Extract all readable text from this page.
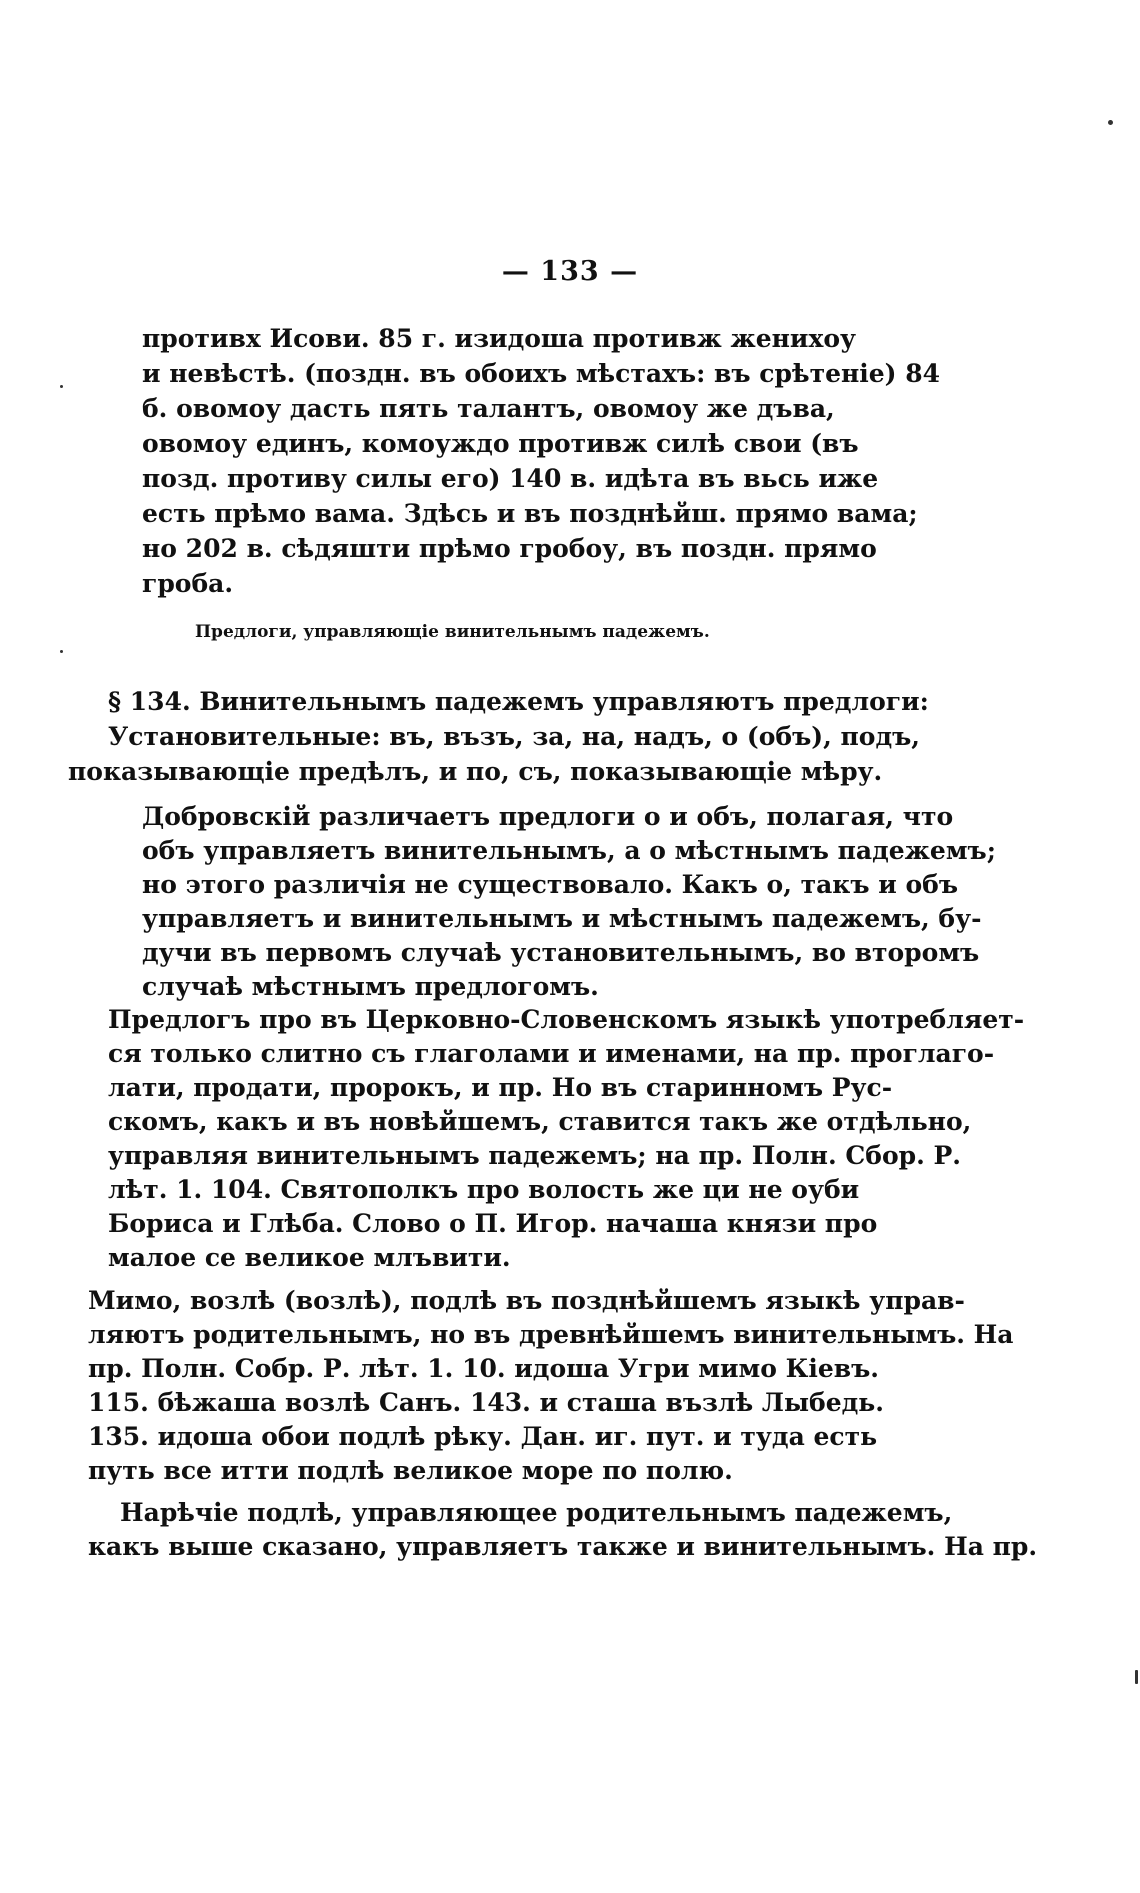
— 133 —
противх Исови. 85 г. изидоша противж жениxоу
и невѣстѣ. (поздн. въ обоихъ мѣстахъ: въ срѣтеніе) 84
б. овомоу дасть пять талантъ, овомоу же дъва,
овомоу единъ, комоуждо противж силѣ свои (въ
позд. противу силы его) 140 в. идѣта въ вьсь иже
есть прѣмо вама. Здѣсь и въ позднѣйш. прямо вама;
но 202 в. сѣдяшти прѣмо гробоу, въ поздн. прямо
гроба.
Предлоги, управляющіе винительнымъ падежемъ.
§ 134. Винительнымъ падежемъ управляютъ предлоги:
Установительные: въ, възъ, за, на, надъ, о (объ), подъ,
показывающіе предѣлъ, и по, съ, показывающіе мѣру.
Добровскій различаетъ предлоги о и объ, полагая, что
объ управляетъ винительнымъ, а о мѣстнымъ падежемъ;
но этого различія не существовало. Какъ о, такъ и объ
управляетъ и винительнымъ и мѣстнымъ падежемъ, бу-
дучи въ первомъ случаѣ установительнымъ, во второмъ
случаѣ мѣстнымъ предлогомъ.
Предлогъ про въ Церковно-Словенскомъ языкѣ употребляет-
ся только слитно съ глаголами и именами, на пр. проглаго-
лати, продати, пророкъ, и пр. Но въ старинномъ Рус-
скомъ, какъ и въ новѣйшемъ, ставится такъ же отдѣльно,
управляя винительнымъ падежемъ; на пр. Полн. Сбор. Р.
лѣт. 1. 104. Святополкъ про волость же ци не оуби
Бориса и Глѣба. Слово о П. Игор. начаша князи про
малое се великое млъвити.
Мимо, возлѣ (возлѣ), подлѣ въ позднѣйшемъ языкѣ управ-
ляютъ родительнымъ, но въ древнѣйшемъ винительнымъ. На
пр. Полн. Собр. Р. лѣт. 1. 10. идоша Угри мимо Кіевъ.
115. бѣжаша возлѣ Санъ. 143. и сташа възлѣ Лыбедь.
135. идоша обои подлѣ рѣку. Дан. иг. пут. и туда есть
путь все итти подлѣ великое море по полю.
Нарѣчіе подлѣ, управляющее родительнымъ падежемъ,
какъ выше сказано, управляетъ также и винительнымъ. На пр.
